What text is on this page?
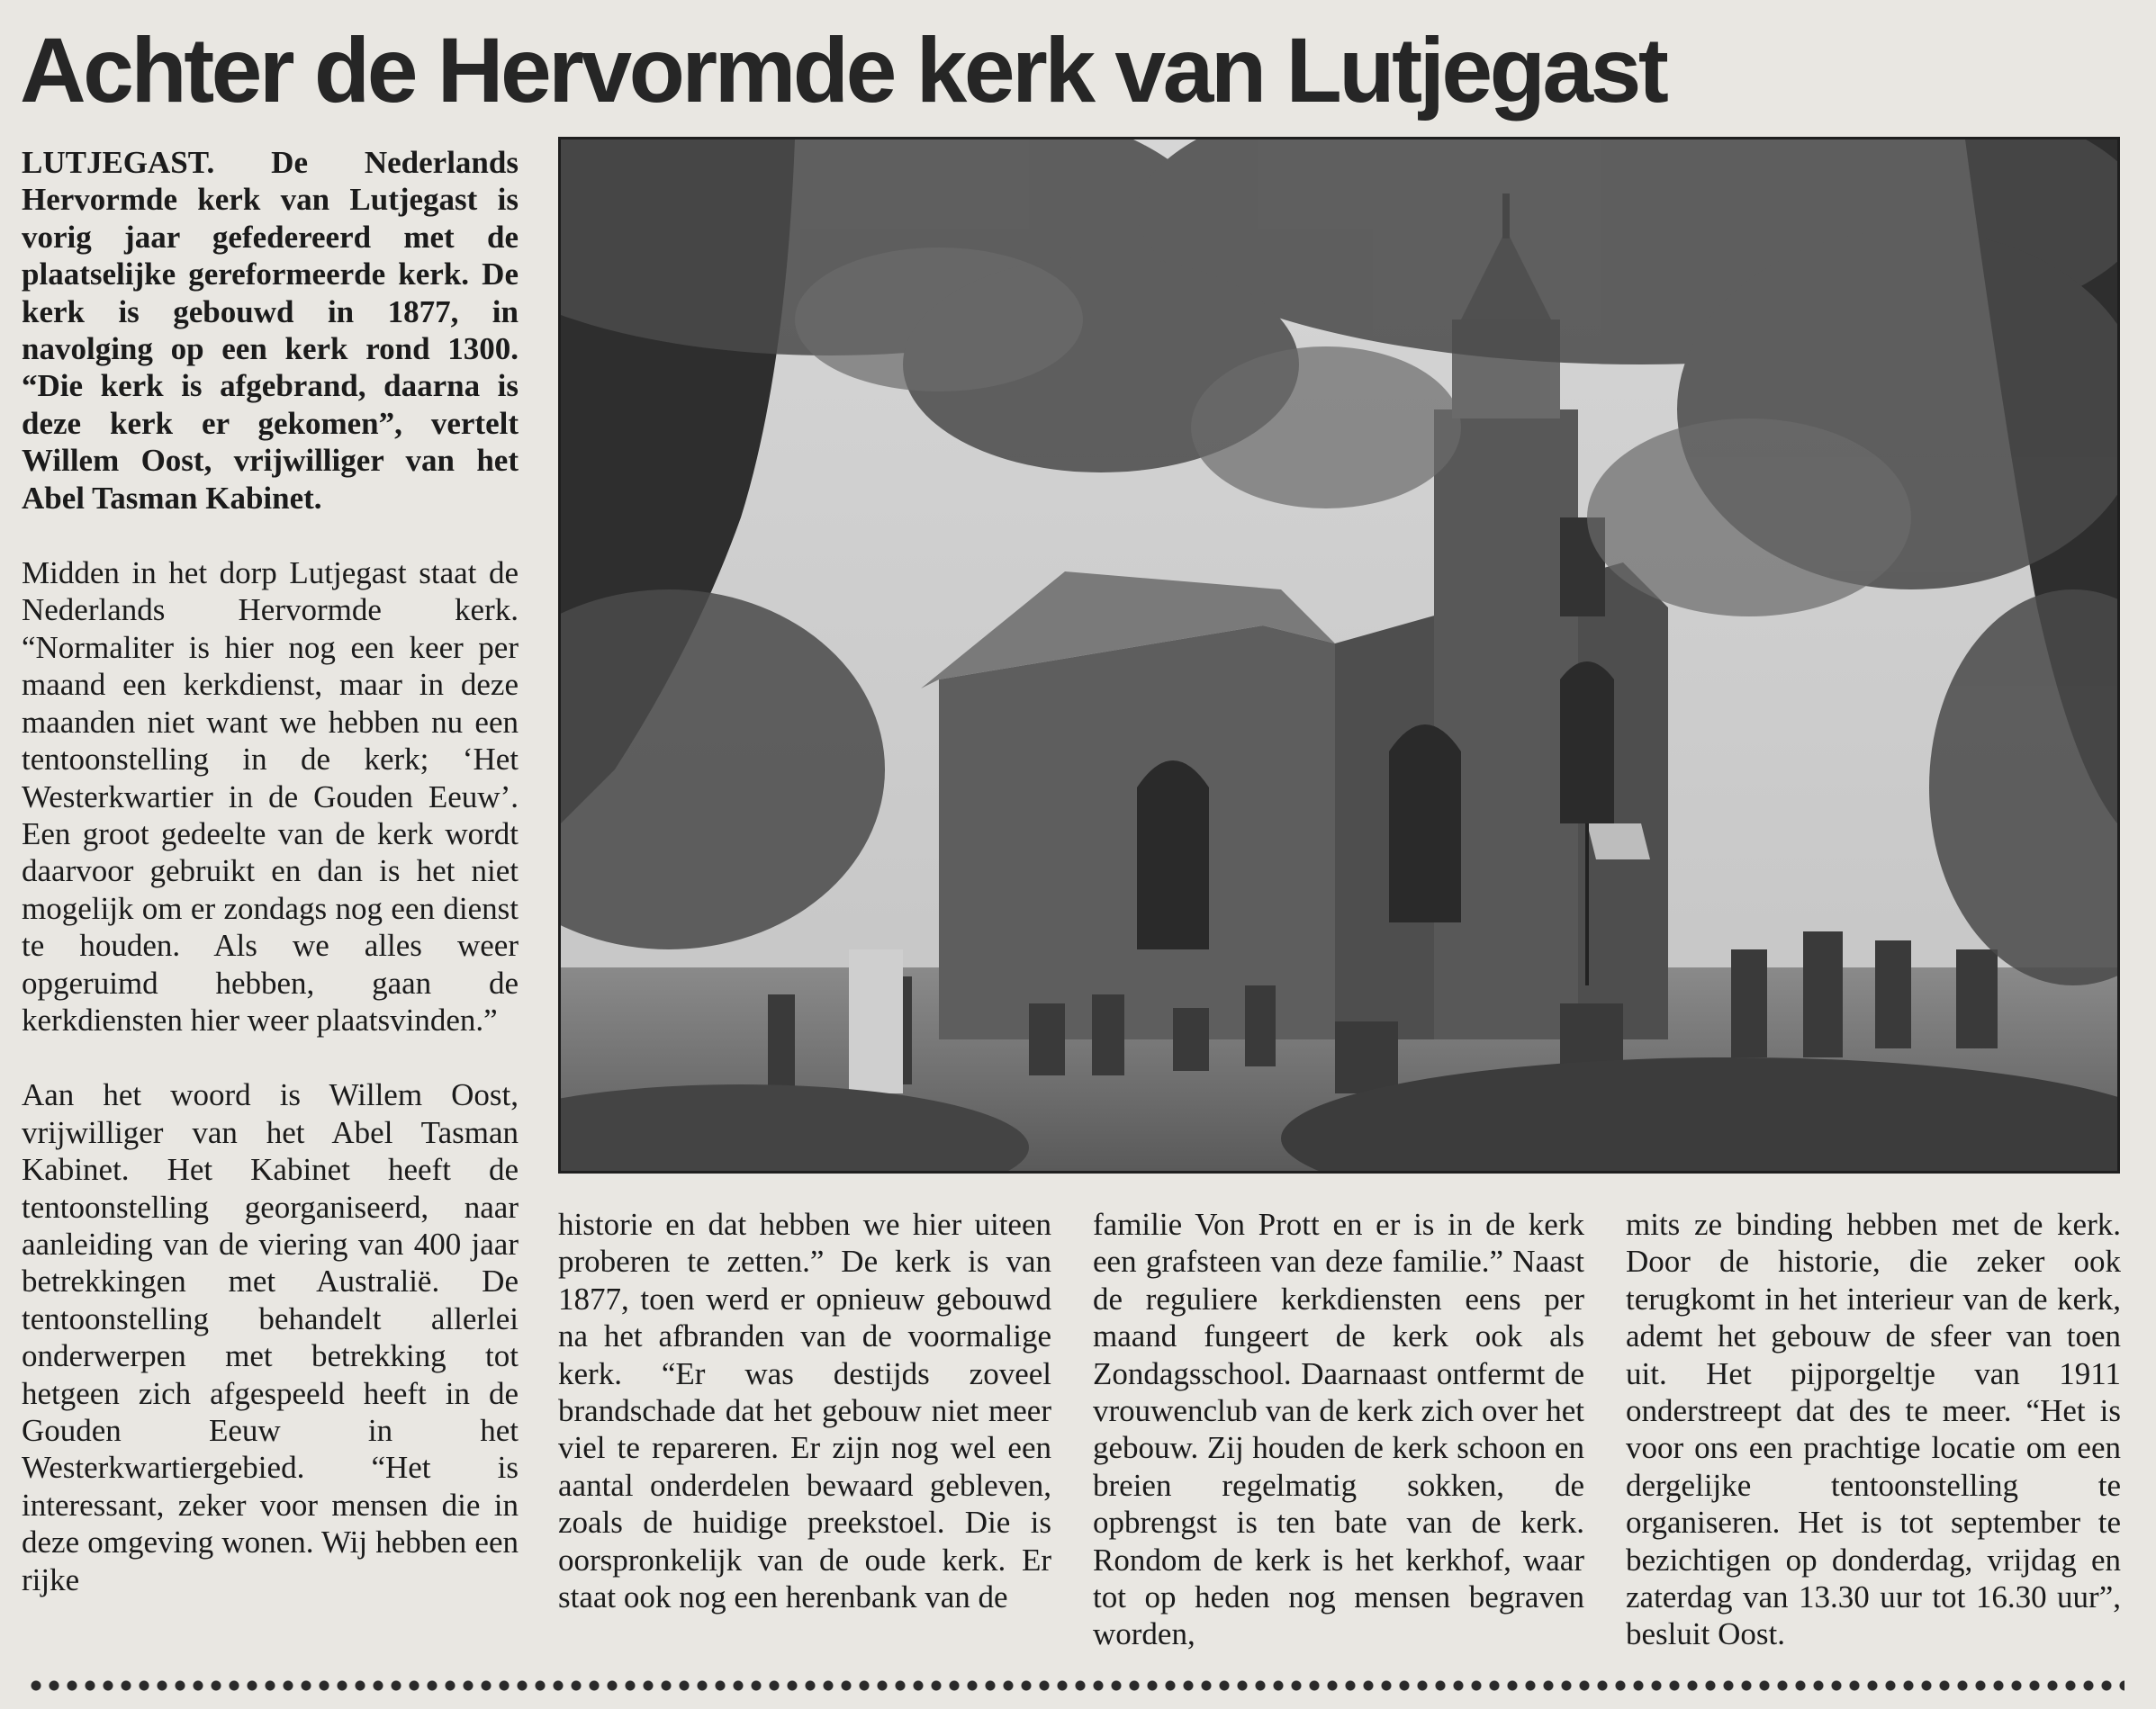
Achter de Hervormde kerk van Lutjegast

LUTJEGAST. De Nederlands Hervormde kerk van Lutjegast is vorig jaar gefedereerd met de plaatselijke gereformeerde kerk. De kerk is gebouwd in 1877, in navolging op een kerk rond 1300. “Die kerk is afgebrand, daarna is deze kerk er gekomen”, vertelt Willem Oost, vrijwilliger van het Abel Tasman Kabinet.

Midden in het dorp Lutjegast staat de Nederlands Hervormde kerk. “Normaliter is hier nog een keer per maand een kerkdienst, maar in deze maanden niet want we hebben nu een tentoonstelling in de kerk; ‘Het Westerkwartier in de Gouden Eeuw’. Een groot gedeelte van de kerk wordt daarvoor gebruikt en dan is het niet mogelijk om er zondags nog een dienst te houden. Als we alles weer opgeruimd hebben, gaan de kerkdiensten hier weer plaatsvinden.”

Aan het woord is Willem Oost, vrijwilliger van het Abel Tasman Kabinet. Het Kabinet heeft de tentoonstelling georganiseerd, naar aanleiding van de viering van 400 jaar betrekkingen met Australië. De tentoonstelling behandelt allerlei onderwerpen met betrekking tot hetgeen zich afgespeeld heeft in de Gouden Eeuw in het Westerkwartiergebied. “Het is interessant, zeker voor mensen die in deze omgeving wonen. Wij hebben een rijke

historie en dat hebben we hier uiteen proberen te zetten.” De kerk is van 1877, toen werd er opnieuw gebouwd na het afbranden van de voormalige kerk. “Er was destijds zoveel brandschade dat het gebouw niet meer viel te repareren. Er zijn nog wel een aantal onderdelen bewaard gebleven, zoals de huidige preekstoel. Die is oorspronkelijk van de oude kerk. Er staat ook nog een herenbank van de

familie Von Prott en er is in de kerk een grafsteen van deze familie.” Naast de reguliere kerkdiensten eens per maand fungeert de kerk ook als Zondagsschool. Daarnaast ontfermt de vrouwenclub van de kerk zich over het gebouw. Zij houden de kerk schoon en breien regelmatig sokken, de opbrengst is ten bate van de kerk. Rondom de kerk is het kerkhof, waar tot op heden nog mensen begraven worden,

mits ze binding hebben met de kerk. Door de historie, die zeker ook terugkomt in het interieur van de kerk, ademt het gebouw de sfeer van toen uit. Het pijporgeltje van 1911 onderstreept dat des te meer. “Het is voor ons een prachtige locatie om een dergelijke tentoonstelling te organiseren. Het is tot september te bezichtigen op donderdag, vrijdag en zaterdag van 13.30 uur tot 16.30 uur”, besluit Oost.
